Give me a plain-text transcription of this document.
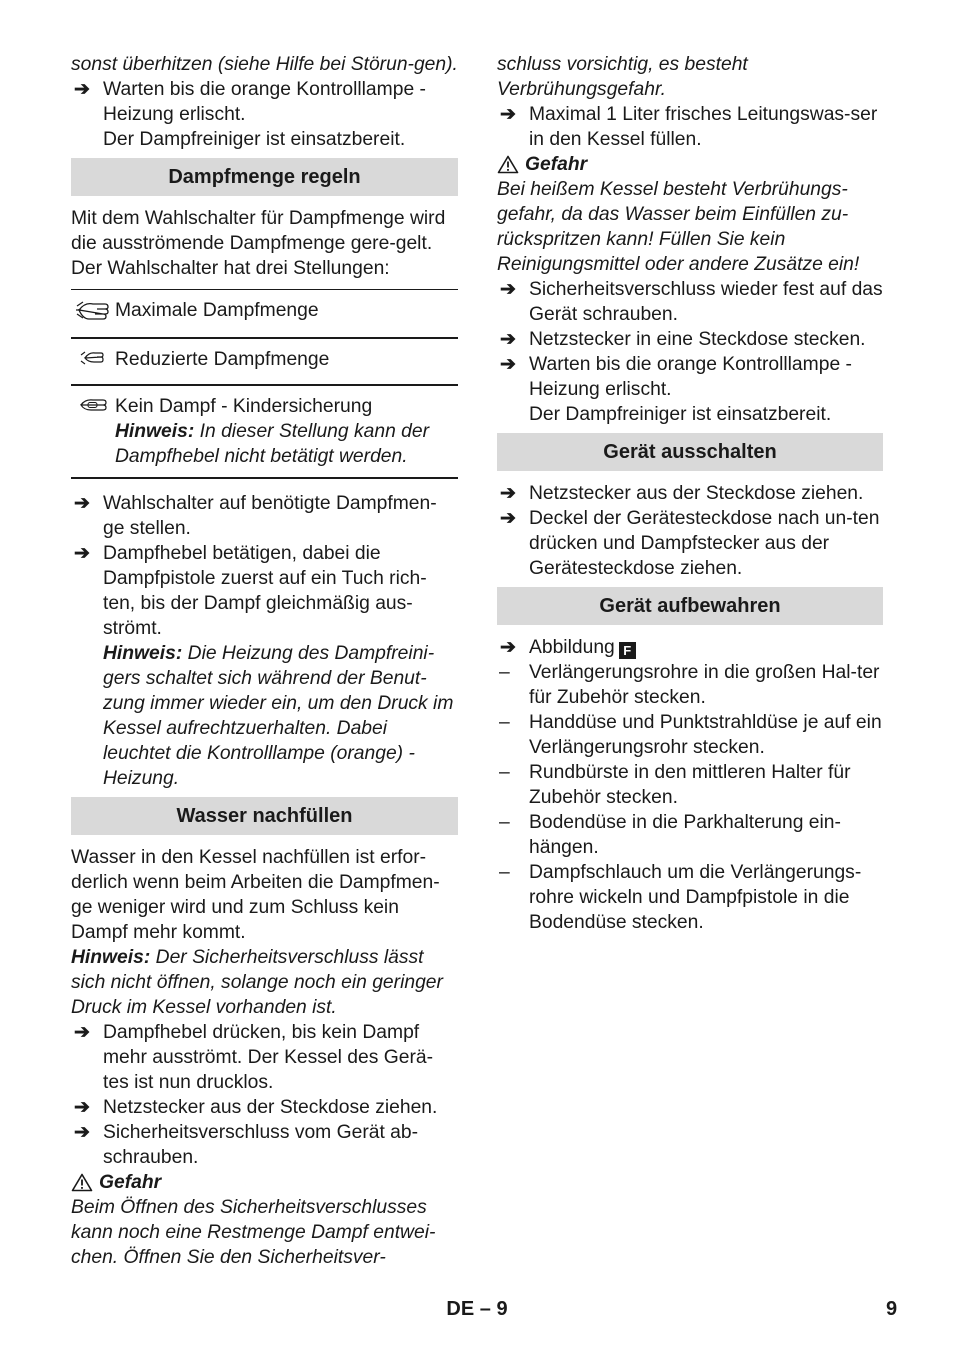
sonst überhitzen (siehe Hilfe bei Störun-gen).

➔ Warten bis die orange Kontrolllampe - Heizung erlischt.

Der Dampfreiniger ist einsatzbereit.

Dampfmenge regeln

Mit dem Wahlschalter für Dampfmenge wird die ausströmende Dampfmenge gere-gelt. Der Wahlschalter hat drei Stellungen:

	Maximale Dampfmenge
	Reduzierte Dampfmenge

Kein Dampf - Kindersicherung

Hinweis: In dieser Stellung kann der Dampfhebel nicht betätigt werden.

➔ Wahlschalter auf benötigte Dampfmen-ge stellen.

➔ Dampfhebel betätigen, dabei die Dampfpistole zuerst auf ein Tuch rich-ten, bis der Dampf gleichmäßig aus-strömt.

Hinweis: Die Heizung des Dampfreini-gers schaltet sich während der Benut-zung immer wieder ein, um den Druck im Kessel aufrechtzuerhalten. Dabei leuchtet die Kontrolllampe (orange) - Heizung.

Wasser nachfüllen

Wasser in den Kessel nachfüllen ist erfor-derlich wenn beim Arbeiten die Dampfmen-ge weniger wird und zum Schluss kein Dampf mehr kommt.

Hinweis: Der Sicherheitsverschluss lässt sich nicht öffnen, solange noch ein geringer Druck im Kessel vorhanden ist.

➔ Dampfhebel drücken, bis kein Dampf mehr ausströmt. Der Kessel des Gerä-tes ist nun drucklos.

➔ Netzstecker aus der Steckdose ziehen.

➔ Sicherheitsverschluss vom Gerät ab-schrauben.

Gefahr

Beim Öffnen des Sicherheitsverschlusses kann noch eine Restmenge Dampf entwei-chen. Öffnen Sie den Sicherheitsver-

schluss vorsichtig, es besteht Verbrühungsgefahr.

➔ Maximal 1 Liter frisches Leitungswas-ser in den Kessel füllen.

Gefahr

Bei heißem Kessel besteht Verbrühungs-gefahr, da das Wasser beim Einfüllen zu-rückspritzen kann! Füllen Sie kein Reinigungsmittel oder andere Zusätze ein!

➔ Sicherheitsverschluss wieder fest auf das Gerät schrauben.

➔ Netzstecker in eine Steckdose stecken.

➔ Warten bis die orange Kontrolllampe - Heizung erlischt.

Der Dampfreiniger ist einsatzbereit.

Gerät ausschalten
➔ Netzstecker aus der Steckdose ziehen.

➔ Deckel der Gerätesteckdose nach un-ten drücken und Dampfstecker aus der Gerätesteckdose ziehen.

Gerät aufbewahren
➔ Abbildung F

– Verlängerungsrohre in die großen Hal-ter für Zubehör stecken.

– Handdüse und Punktstrahldüse je auf ein Verlängerungsrohr stecken.

– Rundbürste in den mittleren Halter für Zubehör stecken.

– Bodendüse in die Parkhalterung ein-hängen.

– Dampfschlauch um die Verlängerungs-rohre wickeln und Dampfpistole in die Bodendüse stecken.

DE – 9	9
